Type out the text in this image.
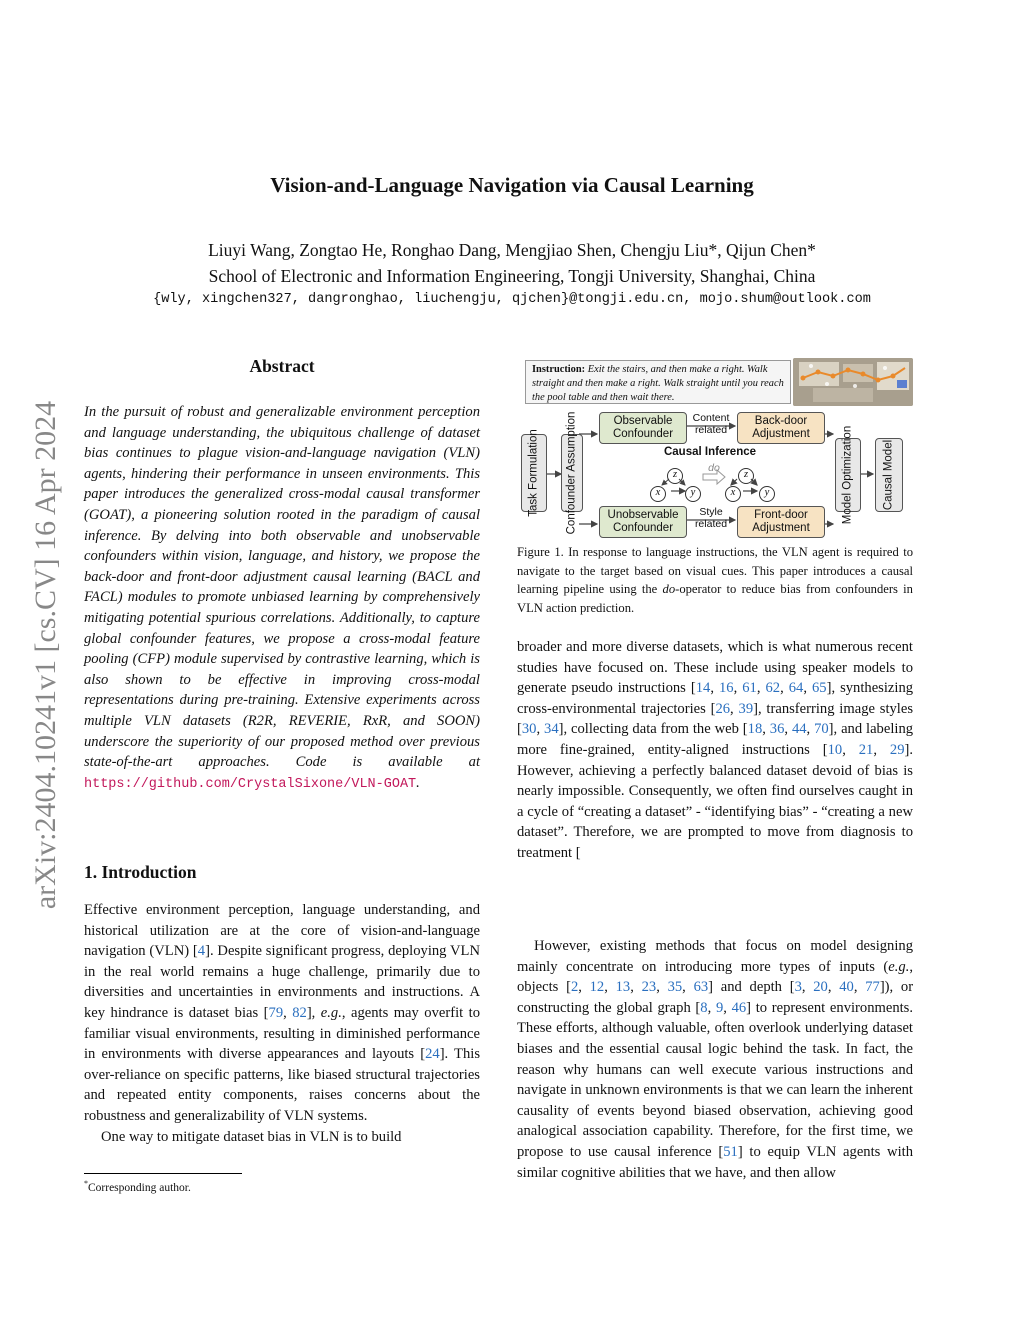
arXiv:2404.10241v1 [cs.CV] 16 Apr 2024
Vision-and-Language Navigation via Causal Learning
Liuyi Wang, Zongtao He, Ronghao Dang, Mengjiao Shen, Chengju Liu*, Qijun Chen*
School of Electronic and Information Engineering, Tongji University, Shanghai, China
{wly, xingchen327, dangronghao, liuchengju, qjchen}@tongji.edu.cn, mojo.shum@outlook.com
Abstract

In the pursuit of robust and generalizable environment perception and language understanding, the ubiquitous challenge of dataset bias continues to plague vision-and-language navigation (VLN) agents, hindering their performance in unseen environments. This paper introduces the generalized cross-modal causal transformer (GOAT), a pioneering solution rooted in the paradigm of causal inference. By delving into both observable and unobservable confounders within vision, language, and history, we propose the back-door and front-door adjustment causal learning (BACL and FACL) modules to promote unbiased learning by comprehensively mitigating potential spurious correlations. Additionally, to capture global confounder features, we propose a cross-modal feature pooling (CFP) module supervised by contrastive learning, which is also shown to be effective in improving cross-modal representations during pre-training. Extensive experiments across multiple VLN datasets (R2R, REVERIE, RxR, and SOON) underscore the superiority of our proposed method over previous state-of-the-art approaches. Code is available at https://github.com/CrystalSixone/VLN-GOAT.

1. Introduction

Effective environment perception, language understanding, and historical utilization are at the core of vision-and-language navigation (VLN) [4]. Despite significant progress, deploying VLN in the real world remains a huge challenge, primarily due to diversities and uncertainties in environments and instructions. A key hindrance is dataset bias [79, 82], e.g., agents may overfit to familiar visual environments, resulting in diminished performance in environments with diverse appearances and layouts [24]. This over-reliance on specific patterns, like biased structural trajectories and repeated entity components, raises concerns about the robustness and generalizability of VLN systems.

One way to mitigate dataset bias in VLN is to build

*Corresponding author.
Instruction: Exit the stairs, and then make a right. Walk straight and then make a right. Walk straight until you reach the pool table and then wait there.
Task Formulation Confounder Assumption	Observable Confounder
Unobservable Confounder
Content related
Style related
Back-door Adjustment
Front-door Adjustment
Causal Inference
do
z
x	y
z
x	y	Model Optimization	Causal Model
Figure 1. In response to language instructions, the VLN agent is required to navigate to the target based on visual cues. This paper introduces a causal learning pipeline using the do-operator to reduce bias from confounders in VLN action prediction.

broader and more diverse datasets, which is what numerous recent studies have focused on. These include using speaker models to generate pseudo instructions [14, 16, 61, 62, 64, 65], synthesizing cross-environmental trajectories [26, 39], transferring image styles [30, 34], collecting data from the web [18, 36, 44, 70], and labeling more fine-grained, entity-aligned instructions [10, 21, 29]. However, achieving a perfectly balanced dataset devoid of bias is nearly impossible. Consequently, we often find ourselves caught in a cycle of “creating a dataset” - “identifying bias” - “creating a new dataset”. Therefore, we are prompted to move from diagnosis to treatment [

However, existing methods that focus on model designing mainly concentrate on introducing more types of inputs (e.g., objects [2, 12, 13, 23, 35, 63] and depth [3, 20, 40, 77]), or constructing the global graph [8, 9, 46] to represent environments. These efforts, although valuable, often overlook underlying dataset biases and the essential causal logic behind the task. In fact, the reason why humans can well execute various instructions and navigate in unknown environments is that we can learn the inherent causality of events beyond biased observation, achieving good analogical association capability. Therefore, for the first time, we propose to use causal inference [51] to equip VLN agents with similar cognitive abilities that we have, and then allow
